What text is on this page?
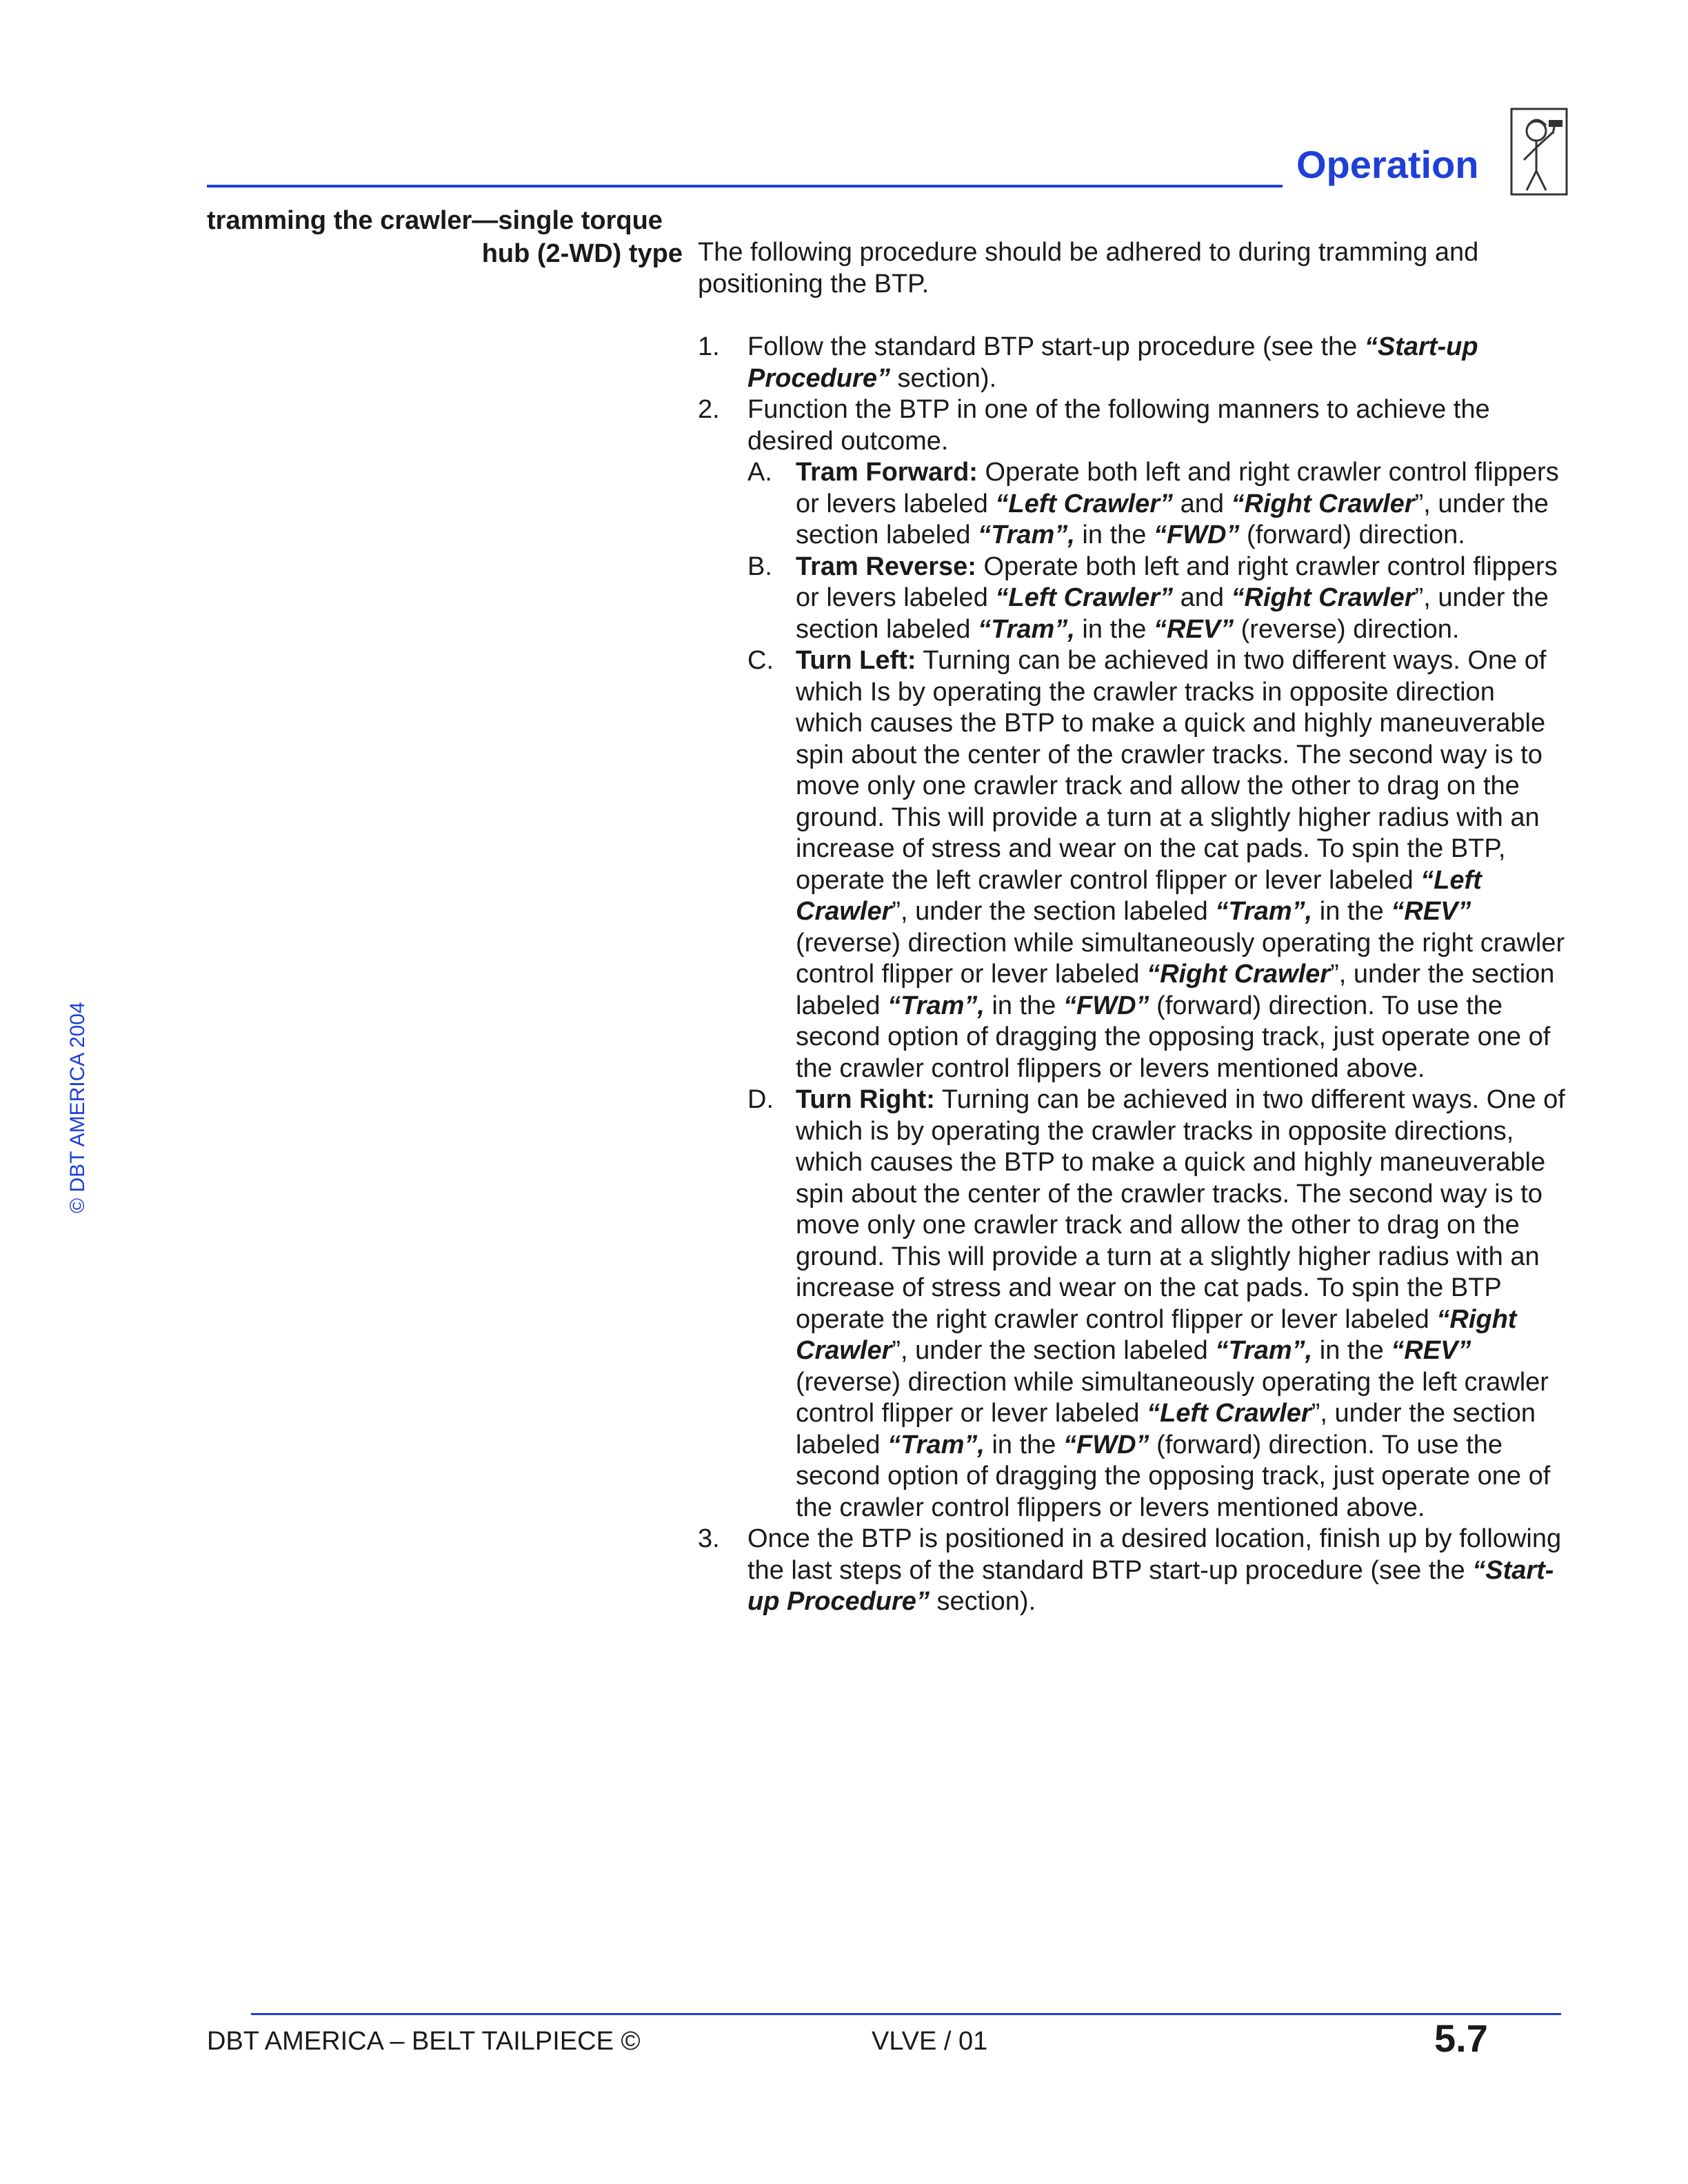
Operation
© DBT AMERICA 2004
tramming the crawler—single torque
hub (2-WD) type The following procedure should be adhered to during tramming and positioning the BTP.

1. Follow the standard BTP start-up procedure (see the “Start-up Procedure” section).
2. Function the BTP in one of the following manners to achieve the desired outcome.
A. Tram Forward: Operate both left and right crawler control flippers or levers labeled “Left Crawler” and “Right Crawler”, under the section labeled “Tram”, in the “FWD” (forward) direction.
B. Tram Reverse: Operate both left and right crawler control flippers or levers labeled “Left Crawler” and “Right Crawler”, under the section labeled “Tram”, in the “REV” (reverse) direction.
C. Turn Left: Turning can be achieved in two different ways. One of which Is by operating the crawler tracks in opposite direction which causes the BTP to make a quick and highly maneuverable spin about the center of the crawler tracks. The second way is to move only one crawler track and allow the other to drag on the ground. This will provide a turn at a slightly higher radius with an increase of stress and wear on the cat pads. To spin the BTP, operate the left crawler control flipper or lever labeled “Left Crawler”, under the section labeled “Tram”, in the “REV” (reverse) direction while simultaneously operating the right crawler control flipper or lever labeled “Right Crawler”, under the section labeled “Tram”, in the “FWD” (forward) direction. To use the second option of dragging the opposing track, just operate one of the crawler control flippers or levers mentioned above.
D. Turn Right: Turning can be achieved in two different ways. One of which is by operating the crawler tracks in opposite directions, which causes the BTP to make a quick and highly maneuverable spin about the center of the crawler tracks. The second way is to move only one crawler track and allow the other to drag on the ground. This will provide a turn at a slightly higher radius with an increase of stress and wear on the cat pads. To spin the BTP operate the right crawler control flipper or lever labeled “Right Crawler”, under the section labeled “Tram”, in the “REV” (reverse) direction while simultaneously operating the left crawler control flipper or lever labeled “Left Crawler”, under the section labeled “Tram”, in the “FWD” (forward) direction. To use the second option of dragging the opposing track, just operate one of the crawler control flippers or levers mentioned above.
3. Once the BTP is positioned in a desired location, finish up by following the last steps of the standard BTP start-up procedure (see the “Start-up Procedure” section).
DBT AMERICA – BELT TAILPIECE ©	VLVE / 01	5.7
